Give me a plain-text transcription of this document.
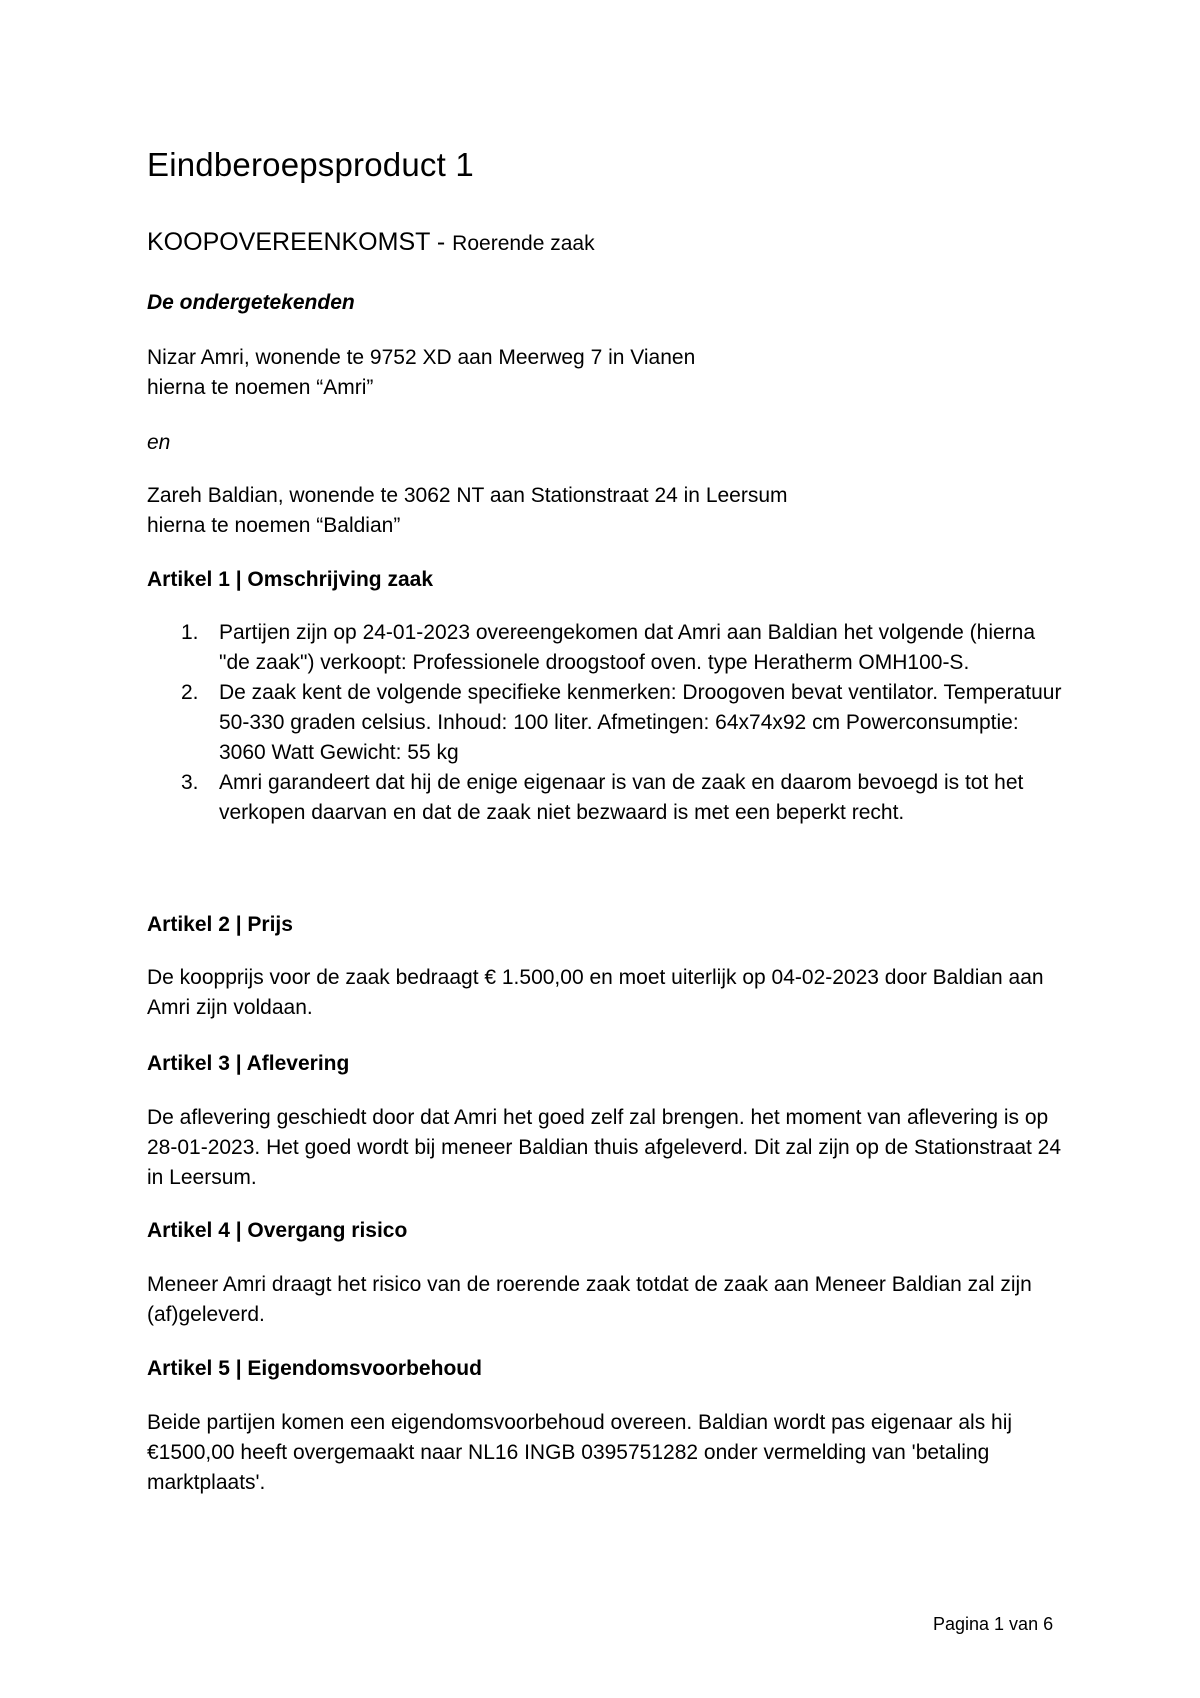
Eindberoepsproduct 1
KOOPOVEREENKOMST - Roerende zaak

De ondergetekenden

Nizar Amri, wonende te 9752 XD aan Meerweg 7 in Vianen
hierna te noemen “Amri”

en

Zareh Baldian, wonende te 3062 NT aan Stationstraat 24 in Leersum
hierna te noemen “Baldian”

Artikel 1 | Omschrijving zaak

1. Partijen zijn op 24-01-2023 overeengekomen dat Amri aan Baldian het volgende (hierna "de zaak") verkoopt: Professionele droogstoof oven. type Heratherm OMH100-S.
2. De zaak kent de volgende specifieke kenmerken: Droogoven bevat ventilator. Temperatuur 50-330 graden celsius. Inhoud: 100 liter. Afmetingen: 64x74x92 cm Powerconsumptie: 3060 Watt Gewicht: 55 kg
3. Amri garandeert dat hij de enige eigenaar is van de zaak en daarom bevoegd is tot het verkopen daarvan en dat de zaak niet bezwaard is met een beperkt recht.

Artikel 2 | Prijs

De koopprijs voor de zaak bedraagt € 1.500,00 en moet uiterlijk op 04-02-2023 door Baldian aan Amri zijn voldaan.

Artikel 3 | Aflevering

De aflevering geschiedt door dat Amri het goed zelf zal brengen. het moment van aflevering is op 28-01-2023. Het goed wordt bij meneer Baldian thuis afgeleverd. Dit zal zijn op de Stationstraat 24 in Leersum.

Artikel 4 | Overgang risico

Meneer Amri draagt het risico van de roerende zaak totdat de zaak aan Meneer Baldian zal zijn (af)geleverd.

Artikel 5 | Eigendomsvoorbehoud

Beide partijen komen een eigendomsvoorbehoud overeen. Baldian wordt pas eigenaar als hij €1500,00 heeft overgemaakt naar NL16 INGB 0395751282 onder vermelding van 'betaling marktplaats'.

Pagina 1 van 6
